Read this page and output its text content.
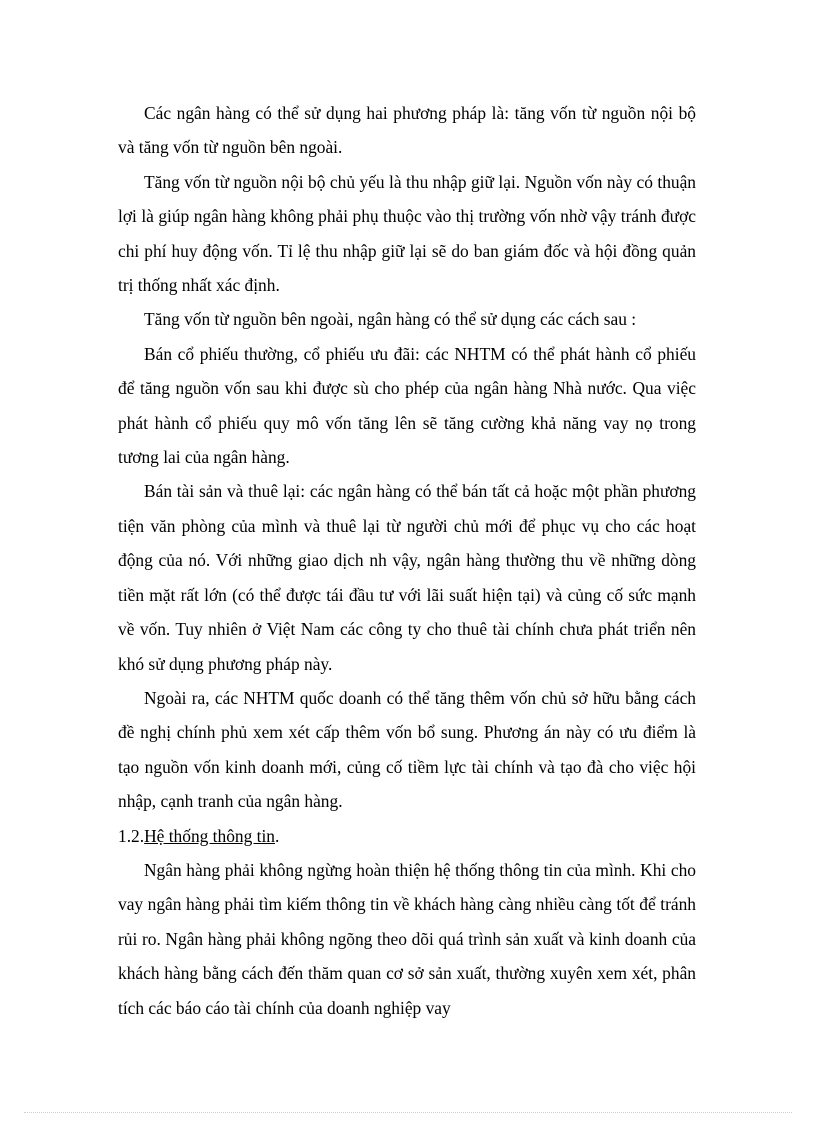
Các ngân hàng có thể sử dụng hai phương pháp là: tăng vốn từ nguồn nội bộ và tăng vốn từ nguồn bên ngoài.

Tăng vốn từ nguồn nội bộ chủ yếu là thu nhập giữ lại. Nguồn vốn này có thuận lợi là giúp ngân hàng không phải phụ thuộc vào thị trường vốn nhờ vậy tránh được chi phí huy động vốn. Tỉ lệ thu nhập giữ lại sẽ do ban giám đốc và hội đồng quản trị thống nhất xác định.

Tăng vốn từ nguồn bên ngoài, ngân hàng có thể sử dụng các cách sau :

Bán cổ phiếu thường, cổ phiếu ưu đãi: các NHTM có thể phát hành cổ phiếu để tăng nguồn vốn sau khi được sù cho phép của ngân hàng Nhà nước. Qua việc phát hành cổ phiếu quy mô vốn tăng lên sẽ tăng cường khả năng vay nọ trong tương lai của ngân hàng.

Bán tài sản và thuê lại: các ngân hàng có thể bán tất cả hoặc một phần phương tiện văn phòng của mình và thuê lại từ người chủ mới để phục vụ cho các hoạt động của nó. Với những giao dịch nh vậy, ngân hàng thường thu về những dòng tiền mặt rất lớn (có thể được tái đầu tư với lãi suất hiện tại) và củng cố sức mạnh về vốn. Tuy nhiên ở Việt Nam các công ty cho thuê tài chính chưa phát triển nên khó sử dụng phương pháp này.

Ngoài ra, các NHTM quốc doanh có thể tăng thêm vốn chủ sở hữu bằng cách đề nghị chính phủ xem xét cấp thêm vốn bổ sung. Phương án này có ưu điểm là tạo nguồn vốn kinh doanh mới, củng cố tiềm lực tài chính và tạo đà cho việc hội nhập, cạnh tranh của ngân hàng.

1.2.Hệ thống thông tin.

Ngân hàng phải không ngừng hoàn thiện hệ thống thông tin của mình. Khi cho vay ngân hàng phải tìm kiếm thông tin về khách hàng càng nhiều càng tốt để tránh rủi ro. Ngân hàng phải không ngõng theo dõi quá trình sản xuất và kinh doanh của khách hàng bằng cách đến thăm quan cơ sở sản xuất, thường xuyên xem xét, phân tích các báo cáo tài chính của doanh nghiệp vay
